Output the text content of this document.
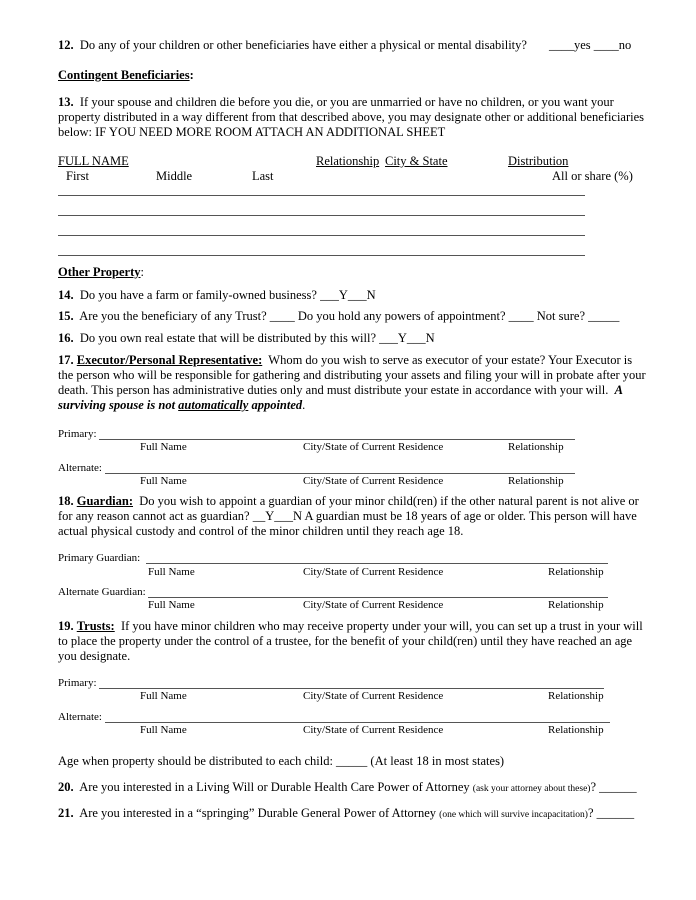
12. Do any of your children or other beneficiaries have either a physical or mental disability? ____yes ____no
Contingent Beneficiaries:
13. If your spouse and children die before you die, or you are unmarried or have no children, or you want your property distributed in a way different from that described above, you may designate other or additional beneficiaries below: IF YOU NEED MORE ROOM ATTACH AN ADDITIONAL SHEET
FULL NAME	Relationship City & State	Distribution
First	Middle	Last	All or share (%)
Other Property:
14. Do you have a farm or family-owned business? ___Y___N
15. Are you the beneficiary of any Trust? ____ Do you hold any powers of appointment? ____ Not sure? _____
16. Do you own real estate that will be distributed by this will? ___Y___N
17. Executor/Personal Representative: Whom do you wish to serve as executor of your estate? Your Executor is the person who will be responsible for gathering and distributing your assets and filing your will in probate after your death. This person has administrative duties only and must distribute your estate in accordance with your will. A surviving spouse is not automatically appointed.
Primary:
Full Name	City/State of Current Residence	Relationship
Alternate:
Full Name	City/State of Current Residence	Relationship
18. Guardian: Do you wish to appoint a guardian of your minor child(ren) if the other natural parent is not alive or for any reason cannot act as guardian? __Y___N A guardian must be 18 years of age or older. This person will have actual physical custody and control of the minor children until they reach age 18.
Primary Guardian:
Full Name	City/State of Current Residence	Relationship
Alternate Guardian:
Full Name	City/State of Current Residence	Relationship
19. Trusts: If you have minor children who may receive property under your will, you can set up a trust in your will to place the property under the control of a trustee, for the benefit of your child(ren) until they have reached an age you designate.
Primary:
Full Name	City/State of Current Residence	Relationship
Alternate:
Full Name	City/State of Current Residence	Relationship
Age when property should be distributed to each child: _____ (At least 18 in most states)
20. Are you interested in a Living Will or Durable Health Care Power of Attorney (ask your attorney about these)? ______
21. Are you interested in a “springing” Durable General Power of Attorney (one which will survive incapacitation)? ______
